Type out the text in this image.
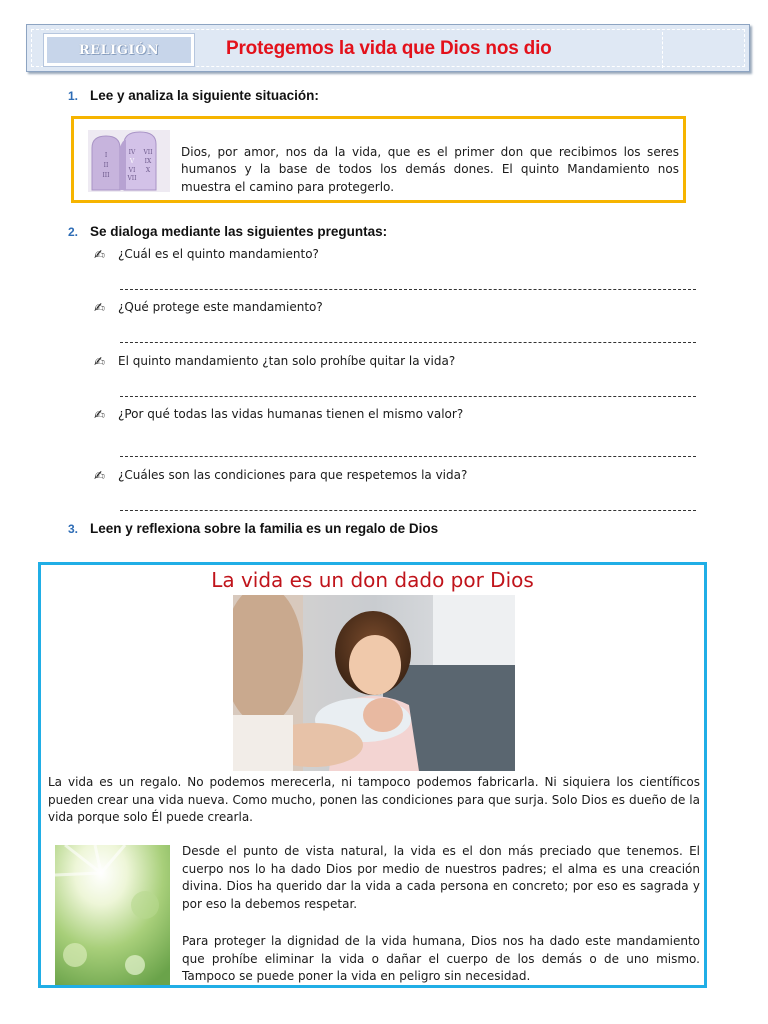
RELIGIÓN	Protegemos la vida que Dios nos dio
1. Lee y analiza la siguiente situación:
I
II
III
IV
V
VI
VII
VII
IX
X
Dios, por amor, nos da la vida, que es el primer don que recibimos los seres humanos y la base de todos los demás dones. El quinto Mandamiento nos muestra el camino para protegerlo.
2. Se dialoga mediante las siguientes preguntas:
✍ ¿Cuál es el quinto mandamiento?
✍ ¿Qué protege este mandamiento?
✍ El quinto mandamiento ¿tan solo prohíbe quitar la vida?
✍ ¿Por qué todas las vidas humanas tienen el mismo valor?
✍ ¿Cuáles son las condiciones para que respetemos la vida?
3. Leen y reflexiona sobre la familia es un regalo de Dios
La vida es un don dado por Dios
La vida es un regalo. No podemos merecerla, ni tampoco podemos fabricarla. Ni siquiera los científicos pueden crear una vida nueva. Como mucho, ponen las condiciones para que surja. Solo Dios es dueño de la vida porque solo Él puede crearla.
Desde el punto de vista natural, la vida es el don más preciado que tenemos. El cuerpo nos lo ha dado Dios por medio de nuestros padres; el alma es una creación divina. Dios ha querido dar la vida a cada persona en concreto; por eso es sagrada y por eso la debemos respetar.
Para proteger la dignidad de la vida humana, Dios nos ha dado este mandamiento que prohíbe eliminar la vida o dañar el cuerpo de los demás o de uno mismo. Tampoco se puede poner la vida en peligro sin necesidad.
